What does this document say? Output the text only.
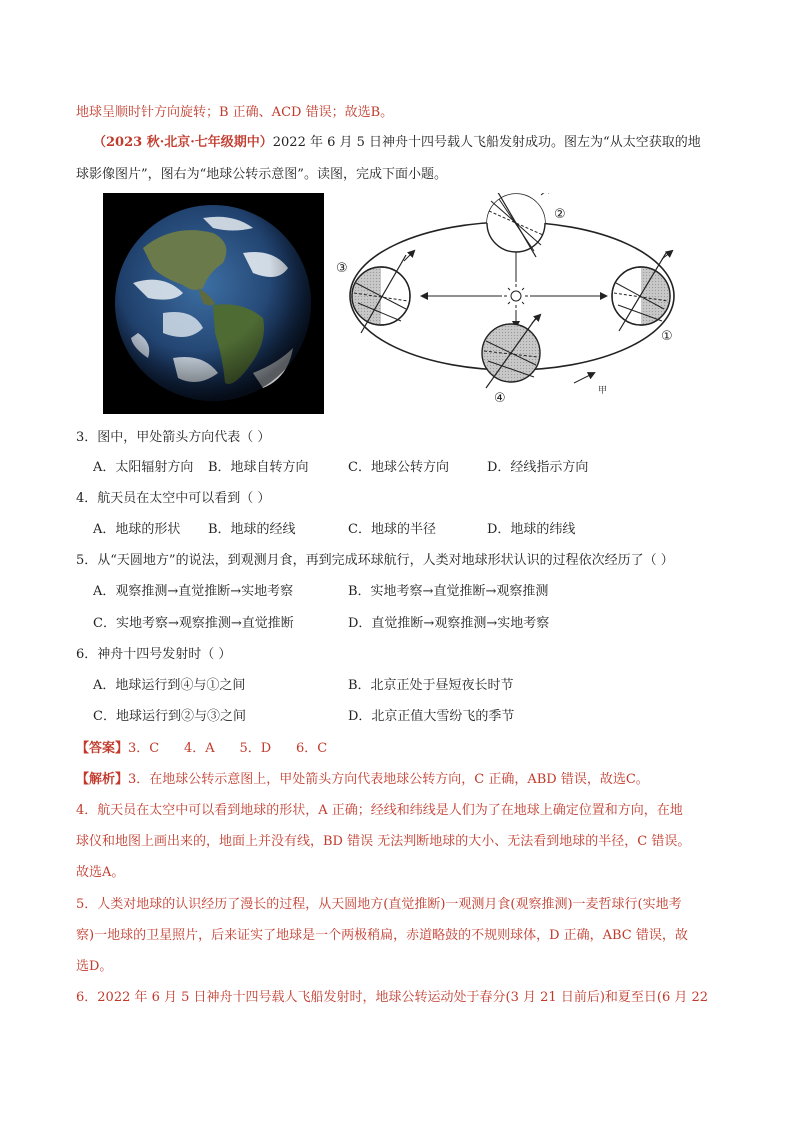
地球呈顺时针方向旋转；B 正确、ACD 错误；故选B。
（2023 秋·北京·七年级期中）2022 年 6 月 5 日神舟十四号载人飞船发射成功。图左为“从太空获取的地
球影像图片”，图右为“地球公转示意图”。读图，完成下面小题。
②
③
①
④	甲
3．图中，甲处箭头方向代表（ ）
A．太阳辐射方向 B．地球自转方向	C．地球公转方向	D．经线指示方向
4．航天员在太空中可以看到（ ）
A．地球的形状 B．地球的经线	C．地球的半径	D．地球的纬线
5．从“天圆地方”的说法，到观测月食，再到完成环球航行，人类对地球形状认识的过程依次经历了（ ）
A．观察推测→直觉推断→实地考察	B．实地考察→直觉推断→观察推测
C．实地考察→观察推测→直觉推断	D．直觉推断→观察推测→实地考察
6．神舟十四号发射时（ ）
A．地球运行到④与①之间	B．北京正处于昼短夜长时节
C．地球运行到②与③之间	D．北京正值大雪纷飞的季节
【答案】3．C      4．A      5．D      6．C
【解析】3．在地球公转示意图上，甲处箭头方向代表地球公转方向，C 正确，ABD 错误，故选C。
4．航天员在太空中可以看到地球的形状，A 正确；经线和纬线是人们为了在地球上确定位置和方向，在地
球仪和地图上画出来的，地面上并没有线，BD 错误 无法判断地球的大小、无法看到地球的半径，C 错误。
故选A。
5．人类对地球的认识经历了漫长的过程，从天圆地方(直觉推断)一观测月食(观察推测)一麦哲球行(实地考
察)一地球的卫星照片，后来证实了地球是一个两极稍扁，赤道略鼓的不规则球体，D 正确，ABC 错误，故
选D。
6．2022 年 6 月 5 日神舟十四号载人飞船发射时，地球公转运动处于春分(3 月 21 日前后)和夏至日(6 月 22
